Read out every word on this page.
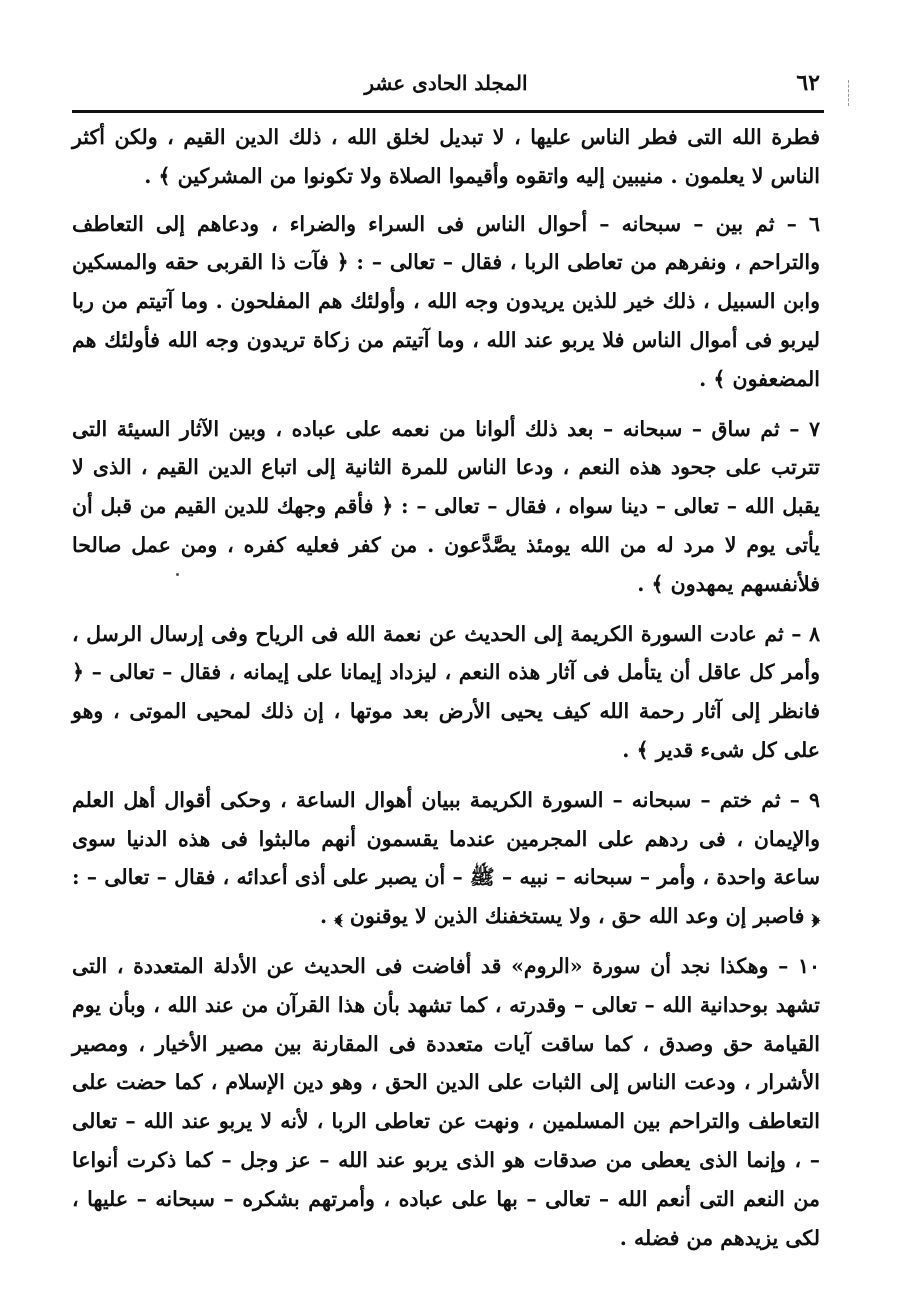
٦٢
المجلد الحادى عشر

فطرة الله التى فطر الناس عليها ، لا تبديل لخلق الله ، ذلك الدين القيم ، ولكن أكثر الناس لا يعلمون . منيبين إليه واتقوه وأقيموا الصلاة ولا تكونوا من المشركين ﴾ .

٦ – ثم بين – سبحانه – أحوال الناس فى السراء والضراء ، ودعاهم إلى التعاطف والتراحم ، ونفرهم من تعاطى الربا ، فقال – تعالى – : ﴿ فآت ذا القربى حقه والمسكين وابن السبيل ، ذلك خير للذين يريدون وجه الله ، وأولئك هم المفلحون . وما آتيتم من ربا ليربو فى أموال الناس فلا يربو عند الله ، وما آتيتم من زكاة تريدون وجه الله فأولئك هم المضعفون ﴾ .

٧ – ثم ساق – سبحانه – بعد ذلك ألوانا من نعمه على عباده ، وبين الآثار السيئة التى تترتب على جحود هذه النعم ، ودعا الناس للمرة الثانية إلى اتباع الدين القيم ، الذى لا يقبل الله – تعالى – دينا سواه ، فقال – تعالى – : ﴿ فأقم وجهك للدين القيم من قبل أن يأتى يوم لا مرد له من الله يومئذ يصَّدَّعون . من كفر فعليه كفره ، ومن عمل صالحا فلأنفسهم يمهدون ﴾ .

٨ – ثم عادت السورة الكريمة إلى الحديث عن نعمة الله فى الرياح وفى إرسال الرسل ، وأمر كل عاقل أن يتأمل فى آثار هذه النعم ، ليزداد إيمانا على إيمانه ، فقال – تعالى – ﴿ فانظر إلى آثار رحمة الله كيف يحيى الأرض بعد موتها ، إن ذلك لمحيى الموتى ، وهو على كل شىء قدير ﴾ .

٩ – ثم ختم – سبحانه – السورة الكريمة ببيان أهوال الساعة ، وحكى أقوال أهل العلم والإيمان ، فى ردهم على المجرمين عندما يقسمون أنهم مالبثوا فى هذه الدنيا سوى ساعة واحدة ، وأمر – سبحانه – نبيه – ﷺ – أن يصبر على أذى أعدائه ، فقال – تعالى – : ﴿ فاصبر إن وعد الله حق ، ولا يستخفنك الذين لا يوقنون ﴾ .

١٠ – وهكذا نجد أن سورة «الروم» قد أفاضت فى الحديث عن الأدلة المتعددة ، التى تشهد بوحدانية الله – تعالى – وقدرته ، كما تشهد بأن هذا القرآن من عند الله ، وبأن يوم القيامة حق وصدق ، كما ساقت آيات متعددة فى المقارنة بين مصير الأخيار ، ومصير الأشرار ، ودعت الناس إلى الثبات على الدين الحق ، وهو دين الإسلام ، كما حضت على التعاطف والتراحم بين المسلمين ، ونهت عن تعاطى الربا ، لأنه لا يربو عند الله – تعالى – ، وإنما الذى يعطى من صدقات هو الذى يربو عند الله – عز وجل – كما ذكرت أنواعا من النعم التى أنعم الله – تعالى – بها على عباده ، وأمرتهم بشكره – سبحانه – عليها ، لكى يزيدهم من فضله .
